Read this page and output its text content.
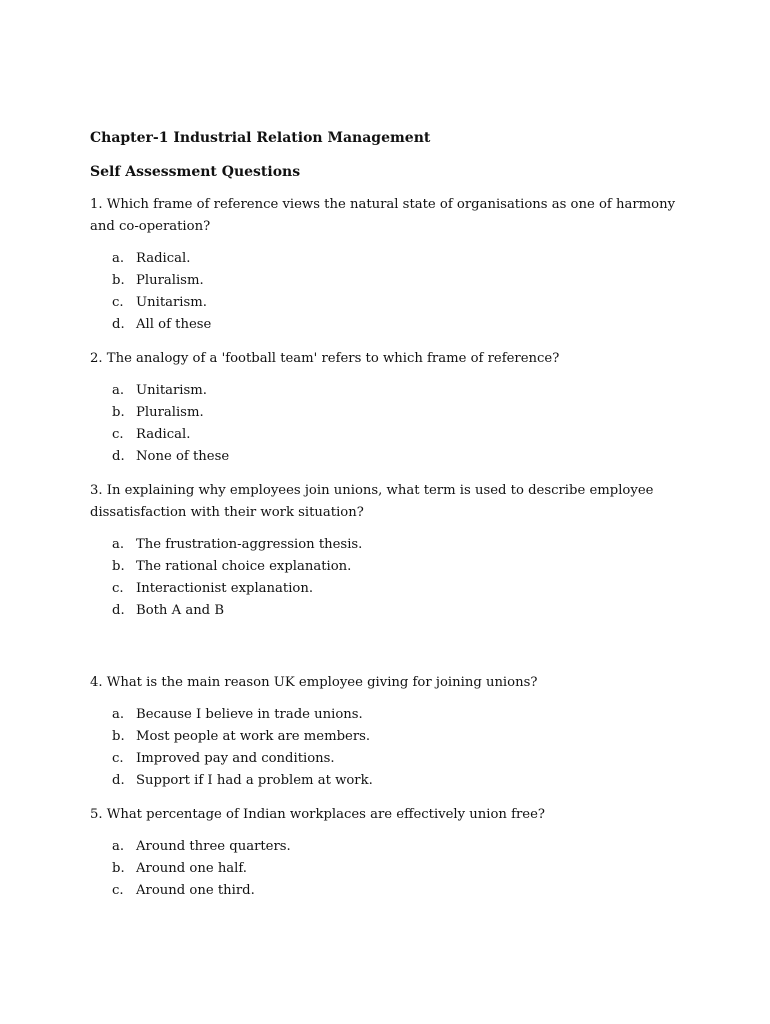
Chapter-1 Industrial Relation Management
Self Assessment Questions
1. Which frame of reference views the natural state of organisations as one of harmony and co-operation?
a. Radical.
b. Pluralism.
c. Unitarism.
d. All of these
2. The analogy of a 'football team' refers to which frame of reference?
a. Unitarism.
b. Pluralism.
c. Radical.
d. None of these
3. In explaining why employees join unions, what term is used to describe employee dissatisfaction with their work situation?
a. The frustration-aggression thesis.
b. The rational choice explanation.
c. Interactionist explanation.
d. Both A and B
4. What is the main reason UK employee giving for joining unions?
a. Because I believe in trade unions.
b. Most people at work are members.
c. Improved pay and conditions.
d. Support if I had a problem at work.
5. What percentage of Indian workplaces are effectively union free?
a. Around three quarters.
b. Around one half.
c. Around one third.
